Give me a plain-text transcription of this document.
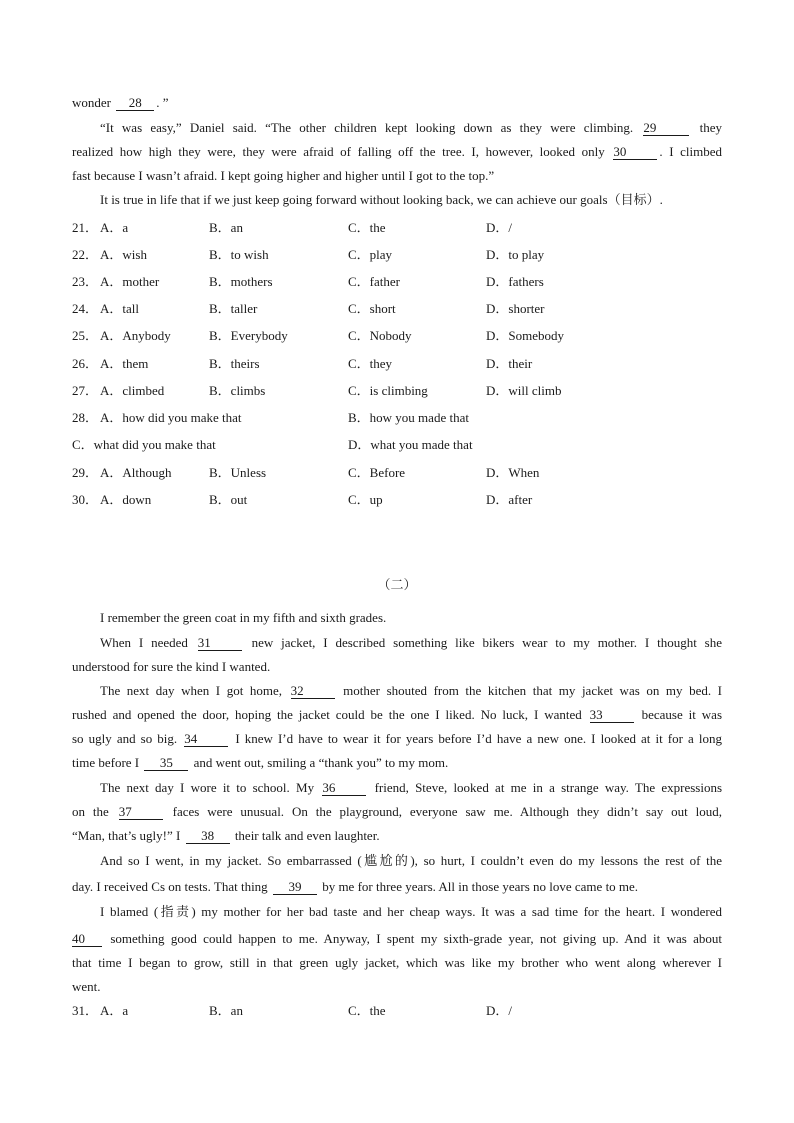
wonder 28 . ”
“It was easy,” Daniel said. “The other children kept looking down as they were climbing. 29	they
realized how high they were, they were afraid of falling off the tree. I, however, looked only 30	. I climbed
fast because I wasn’t afraid. I kept going higher and higher until I got to the top.”
It is true in life that if we just keep going forward without looking back, we can achieve our goals（目标）.
21． A．a	B．an	C．the	D．/
22． A．wish	B．to wish	C．play	D．to play
23． A．mother	B．mothers	C．father	D．fathers
24． A．tall	B．taller	C．short	D．shorter
25． A．Anybody	B．Everybody	C．Nobody	D．Somebody
26． A．them	B．theirs	C．they	D．their
27． A．climbed	B．climbs	C．is climbing	D．will climb
28． A．how did you make that	B．how you made that
C．what did you make that	D．what you made that
29． A．Although	B．Unless	C．Before	D．When
30． A．down	B．out	C．up	D．after
（二）
I remember the green coat in my fifth and sixth grades.
When I needed 31	new jacket, I described something like bikers wear to my mother. I thought she
understood for sure the kind I wanted.
The next day when I got home, 32	mother shouted from the kitchen that my jacket was on my bed. I
rushed and opened the door, hoping the jacket could be the one I liked. No luck, I wanted 33	because it was
so ugly and so big. 34	I knew I’d have to wear it for years before I’d have a new one. I looked at it for a long
time before I 35 and went out, smiling a “thank you” to my mom.
The next day I wore it to school. My 36	friend, Steve, looked at me in a strange way. The expressions
on the 37	faces were unusual. On the playground, everyone saw me. Although they didn’t say out loud,
“Man, that’s ugly!” I 38 their talk and even laughter.
And so I went, in my jacket. So embarrassed (尴尬的), so hurt, I couldn’t even do my lessons the rest of the
day. I received Cs on tests. That thing 39 by me for three years. All in those years no love came to me.
I blamed (指责) my mother for her bad taste and her cheap ways. It was a sad time for the heart. I wondered
40 something good could happen to me. Anyway, I spent my sixth-grade year, not giving up. And it was about
that time I began to grow, still in that green ugly jacket, which was like my brother who went along wherever I
went.
31． A．a	B．an	C．the	D．/
